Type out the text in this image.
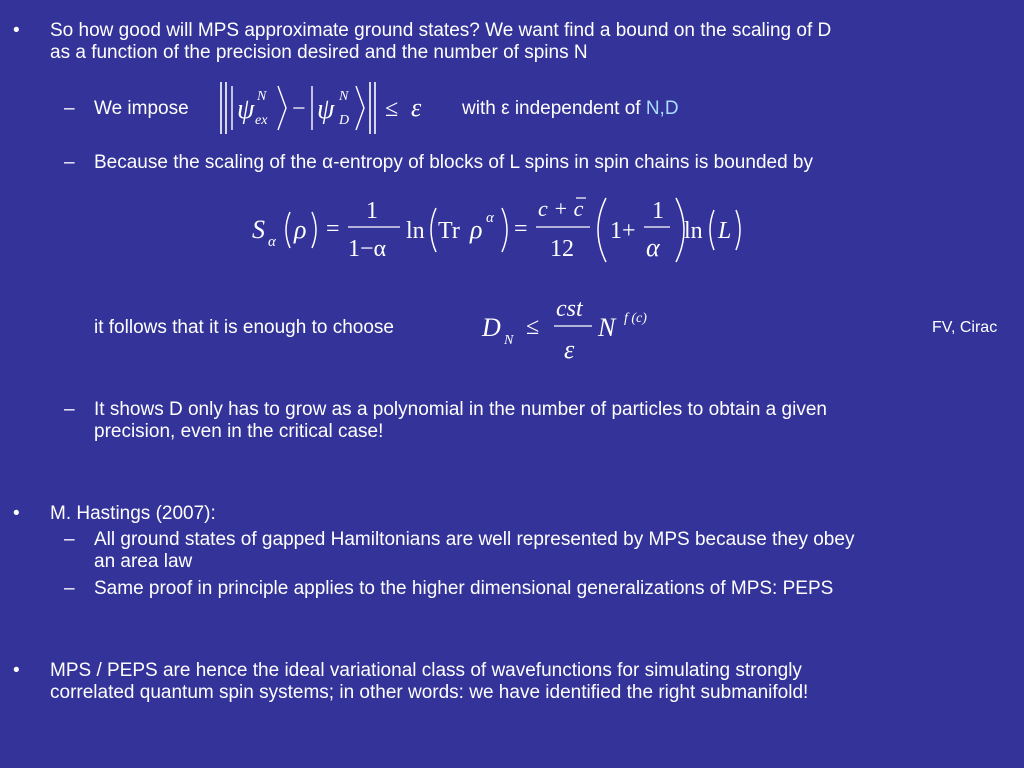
• So how good will MPS approximate ground states? We want find a bound on the scaling of D
as a function of the precision desired and the number of spins N
– We impose ψ N
ex − ψ N
D ≤ ε with ε independent of N,D
– Because the scaling of the α-entropy of blocks of L spins in spin chains is bounded by
S α ρ =
1
1−α
ln Tr ρ α =
c + c
12
1+
1
α
ln L
it follows that it is enough to choose	D N
≤
cst
ε
N f (c)
FV, Cirac
– It shows D only has to grow as a polynomial in the number of particles to obtain a given
precision, even in the critical case!
• M. Hastings (2007):
– All ground states of gapped Hamiltonians are well represented by MPS because they obey
an area law
– Same proof in principle applies to the higher dimensional generalizations of MPS: PEPS
• MPS / PEPS are hence the ideal variational class of wavefunctions for simulating strongly
correlated quantum spin systems; in other words: we have identified the right submanifold!
